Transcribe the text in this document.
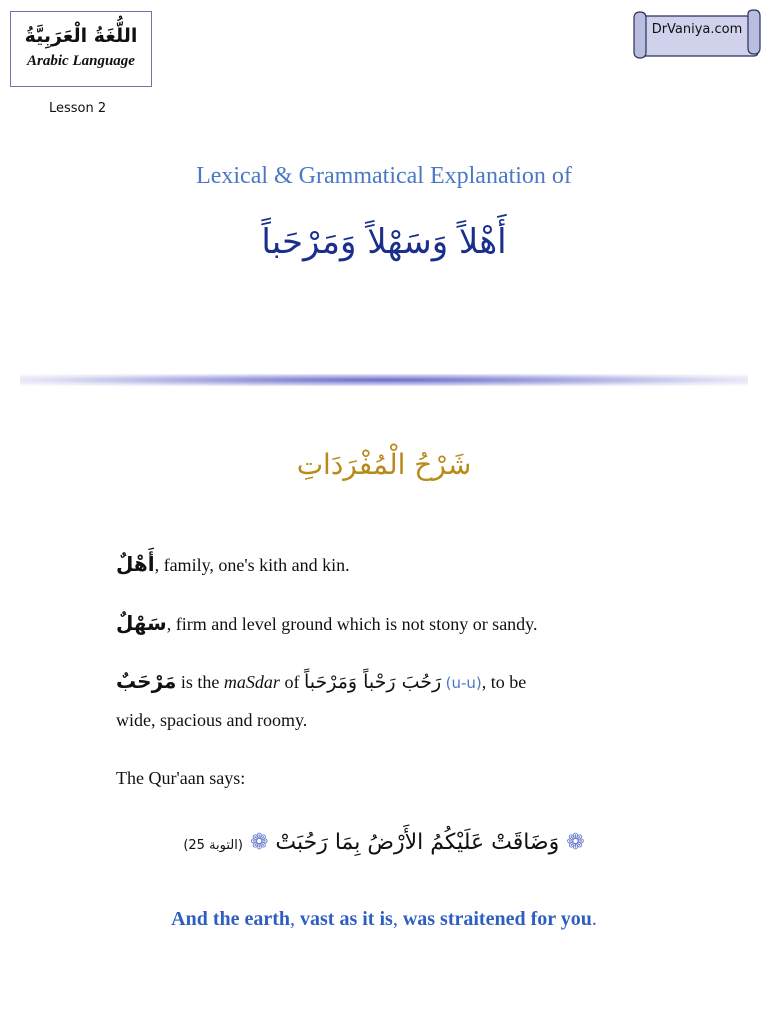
اللُّغَةُ الْعَرَبِيَّةُ
Arabic Language
Lesson 2
DrVaniya.com
Lexical & Grammatical Explanation of
أَهْلاً وَسَهْلاً وَمَرْحَباً
شَرْحُ الْمُفْرَدَاتِ
أَهْلٌ, family, one's kith and kin.
سَهْلٌ, firm and level ground which is not stony or sandy.
مَرْحَبٌ is the maSdar of رَحُبَ رَحْباً وَمَرْحَباً (u-u), to be
wide, spacious and roomy.
The Qur'aan says:
❁ وَضَاقَتْ عَلَيْكُمُ الأَرْضُ بِمَا رَحُبَتْ ❁ (التوبة 25)
And the earth, vast as it is, was straitened for you.
